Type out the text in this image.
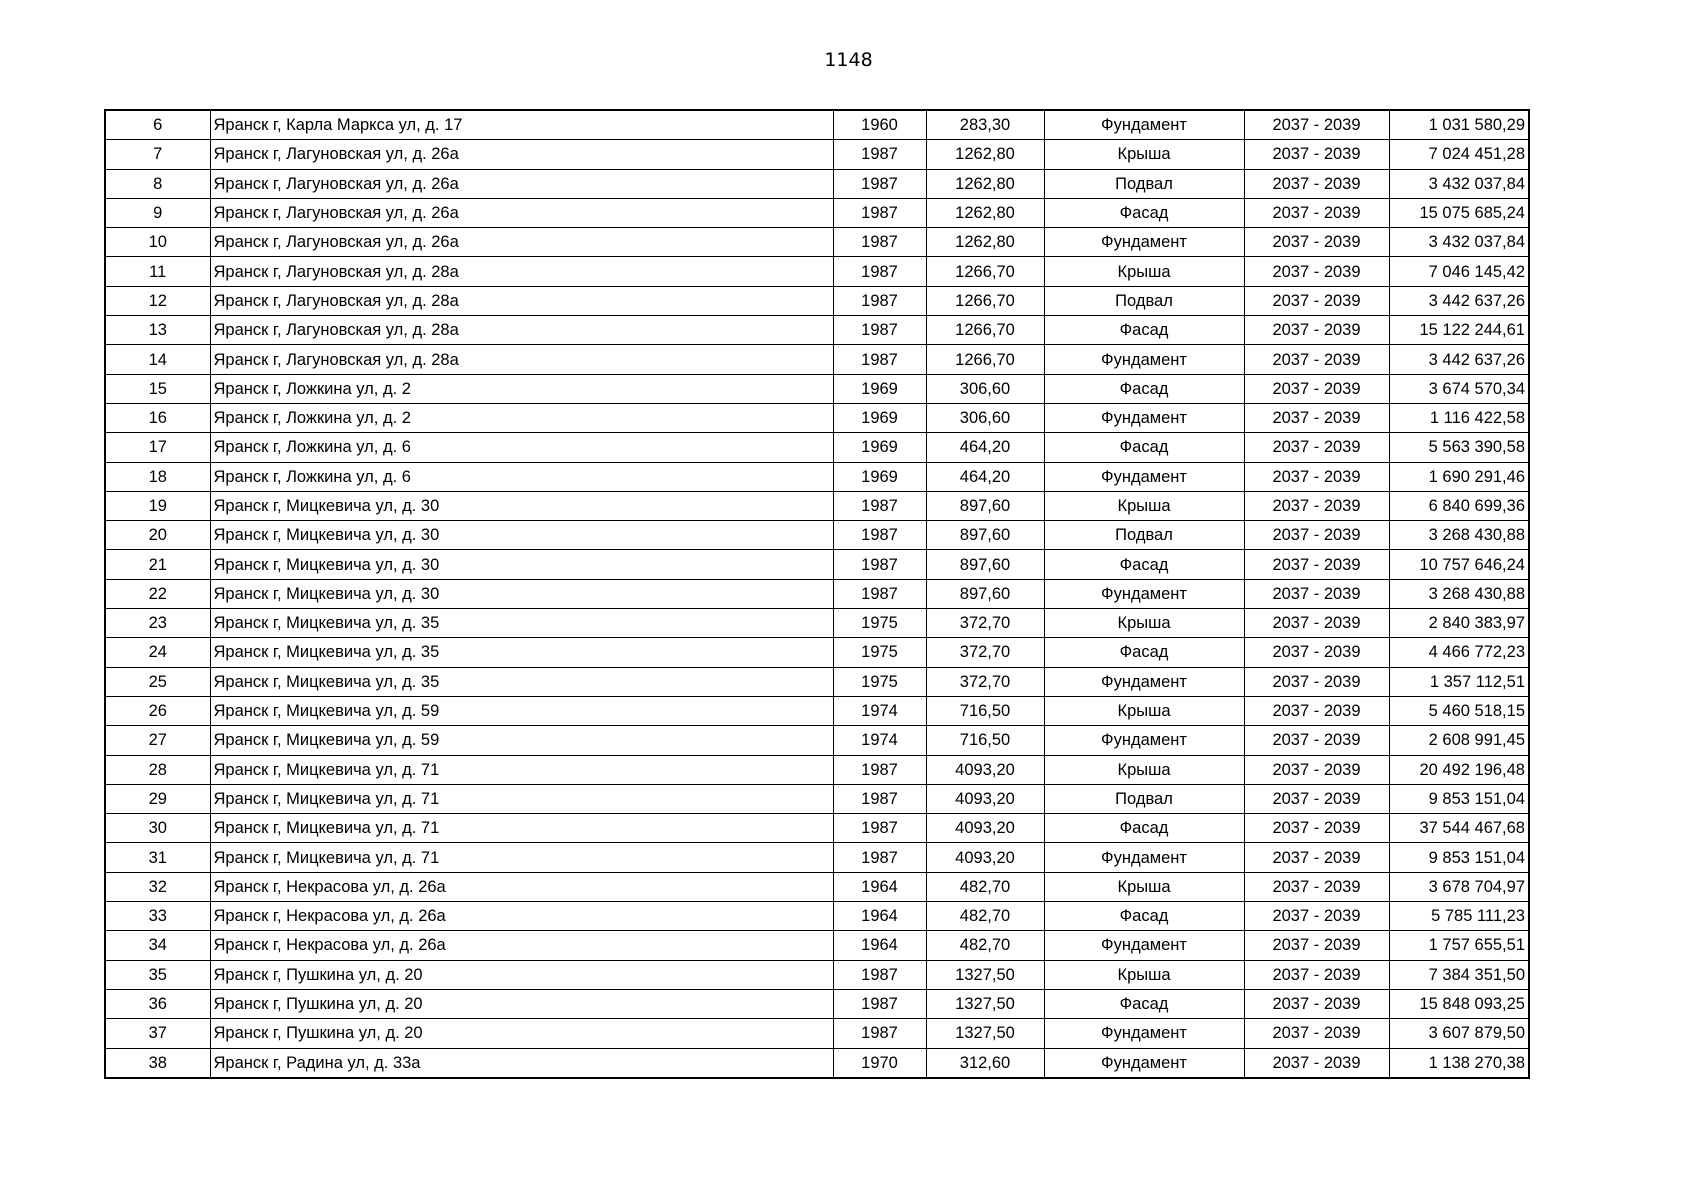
1148
6	Яранск г, Карла Маркса ул, д. 17	1960	283,30	Фундамент	2037 - 2039	1 031 580,29
7	Яранск г, Лагуновская ул, д. 26а	1987	1262,80	Крыша	2037 - 2039	7 024 451,28
8	Яранск г, Лагуновская ул, д. 26а	1987	1262,80	Подвал	2037 - 2039	3 432 037,84
9	Яранск г, Лагуновская ул, д. 26а	1987	1262,80	Фасад	2037 - 2039	15 075 685,24
10	Яранск г, Лагуновская ул, д. 26а	1987	1262,80	Фундамент	2037 - 2039	3 432 037,84
11	Яранск г, Лагуновская ул, д. 28а	1987	1266,70	Крыша	2037 - 2039	7 046 145,42
12	Яранск г, Лагуновская ул, д. 28а	1987	1266,70	Подвал	2037 - 2039	3 442 637,26
13	Яранск г, Лагуновская ул, д. 28а	1987	1266,70	Фасад	2037 - 2039	15 122 244,61
14	Яранск г, Лагуновская ул, д. 28а	1987	1266,70	Фундамент	2037 - 2039	3 442 637,26
15	Яранск г, Ложкина ул, д. 2	1969	306,60	Фасад	2037 - 2039	3 674 570,34
16	Яранск г, Ложкина ул, д. 2	1969	306,60	Фундамент	2037 - 2039	1 116 422,58
17	Яранск г, Ложкина ул, д. 6	1969	464,20	Фасад	2037 - 2039	5 563 390,58
18	Яранск г, Ложкина ул, д. 6	1969	464,20	Фундамент	2037 - 2039	1 690 291,46
19	Яранск г, Мицкевича ул, д. 30	1987	897,60	Крыша	2037 - 2039	6 840 699,36
20	Яранск г, Мицкевича ул, д. 30	1987	897,60	Подвал	2037 - 2039	3 268 430,88
21	Яранск г, Мицкевича ул, д. 30	1987	897,60	Фасад	2037 - 2039	10 757 646,24
22	Яранск г, Мицкевича ул, д. 30	1987	897,60	Фундамент	2037 - 2039	3 268 430,88
23	Яранск г, Мицкевича ул, д. 35	1975	372,70	Крыша	2037 - 2039	2 840 383,97
24	Яранск г, Мицкевича ул, д. 35	1975	372,70	Фасад	2037 - 2039	4 466 772,23
25	Яранск г, Мицкевича ул, д. 35	1975	372,70	Фундамент	2037 - 2039	1 357 112,51
26	Яранск г, Мицкевича ул, д. 59	1974	716,50	Крыша	2037 - 2039	5 460 518,15
27	Яранск г, Мицкевича ул, д. 59	1974	716,50	Фундамент	2037 - 2039	2 608 991,45
28	Яранск г, Мицкевича ул, д. 71	1987	4093,20	Крыша	2037 - 2039	20 492 196,48
29	Яранск г, Мицкевича ул, д. 71	1987	4093,20	Подвал	2037 - 2039	9 853 151,04
30	Яранск г, Мицкевича ул, д. 71	1987	4093,20	Фасад	2037 - 2039	37 544 467,68
31	Яранск г, Мицкевича ул, д. 71	1987	4093,20	Фундамент	2037 - 2039	9 853 151,04
32	Яранск г, Некрасова ул, д. 26а	1964	482,70	Крыша	2037 - 2039	3 678 704,97
33	Яранск г, Некрасова ул, д. 26а	1964	482,70	Фасад	2037 - 2039	5 785 111,23
34	Яранск г, Некрасова ул, д. 26а	1964	482,70	Фундамент	2037 - 2039	1 757 655,51
35	Яранск г, Пушкина ул, д. 20	1987	1327,50	Крыша	2037 - 2039	7 384 351,50
36	Яранск г, Пушкина ул, д. 20	1987	1327,50	Фасад	2037 - 2039	15 848 093,25
37	Яранск г, Пушкина ул, д. 20	1987	1327,50	Фундамент	2037 - 2039	3 607 879,50
38	Яранск г, Радина ул, д. 33а	1970	312,60	Фундамент	2037 - 2039	1 138 270,38
